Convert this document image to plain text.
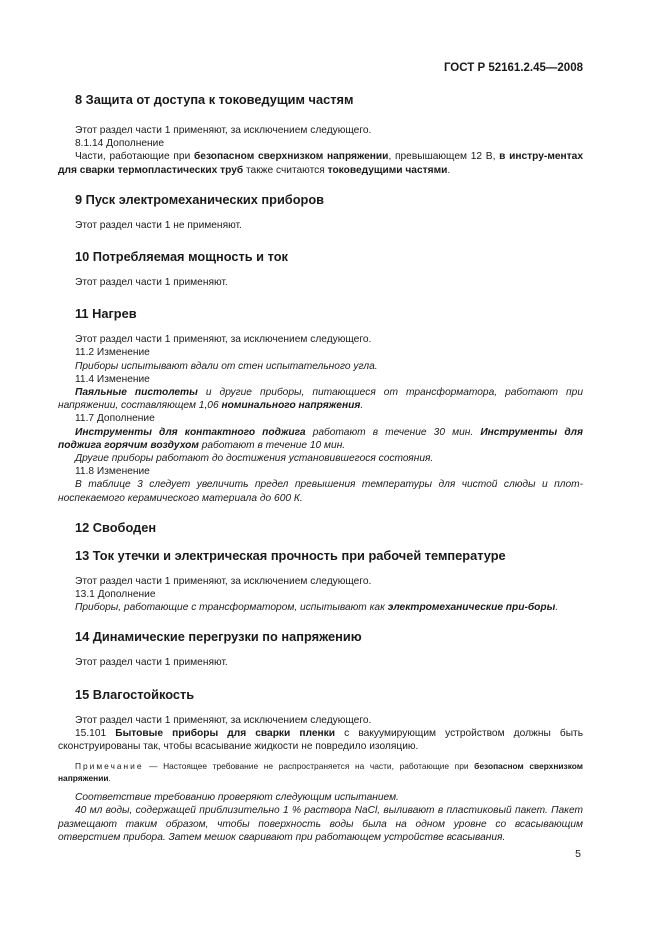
ГОСТ Р 52161.2.45—2008
8 Защита от доступа к токоведущим частям

Этот раздел части 1 применяют, за исключением следующего.

8.1.14 Дополнение

Части, работающие при безопасном сверхнизком напряжении, превышающем 12 В, в инстру-ментах для сварки термопластических труб также считаются токоведущими частями.

9 Пуск электромеханических приборов

Этот раздел части 1 не применяют.

10 Потребляемая мощность и ток

Этот раздел части 1 применяют.

11 Нагрев

Этот раздел части 1 применяют, за исключением следующего.

11.2 Изменение

Приборы испытывают вдали от стен испытательного угла.

11.4 Изменение

Паяльные пистолеты и другие приборы, питающиеся от трансформатора, работают при напряжении, составляющем 1,06 номинального напряжения.

11.7 Дополнение

Инструменты для контактного поджига работают в течение 30 мин. Инструменты для поджига горячим воздухом работают в течение 10 мин.

Другие приборы работают до достижения установившегося состояния.

11.8 Изменение

В таблице 3 следует увеличить предел превышения температуры для чистой слюды и плот-носпекаемого керамического материала до 600 К.

12 Свободен
13 Ток утечки и электрическая прочность при рабочей температуре

Этот раздел части 1 применяют, за исключением следующего.

13.1 Дополнение

Приборы, работающие с трансформатором, испытывают как электромеханические при-боры.

14 Динамические перегрузки по напряжению

Этот раздел части 1 применяют.

15 Влагостойкость

Этот раздел части 1 применяют, за исключением следующего.

15.101 Бытовые приборы для сварки пленки с вакуумирующим устройством должны быть сконструированы так, чтобы всасывание жидкости не повредило изоляцию.

Примечание — Настоящее требование не распространяется на части, работающие при безопасном сверхнизком напряжении.

Соответствие требованию проверяют следующим испытанием.

40 мл воды, содержащей приблизительно 1 % раствора NaCl, выливают в пластиковый пакет. Пакет размещают таким образом, чтобы поверхность воды была на одном уровне со всасывающим отверстием прибора. Затем мешок сваривают при работающем устройстве всасывания.

5
